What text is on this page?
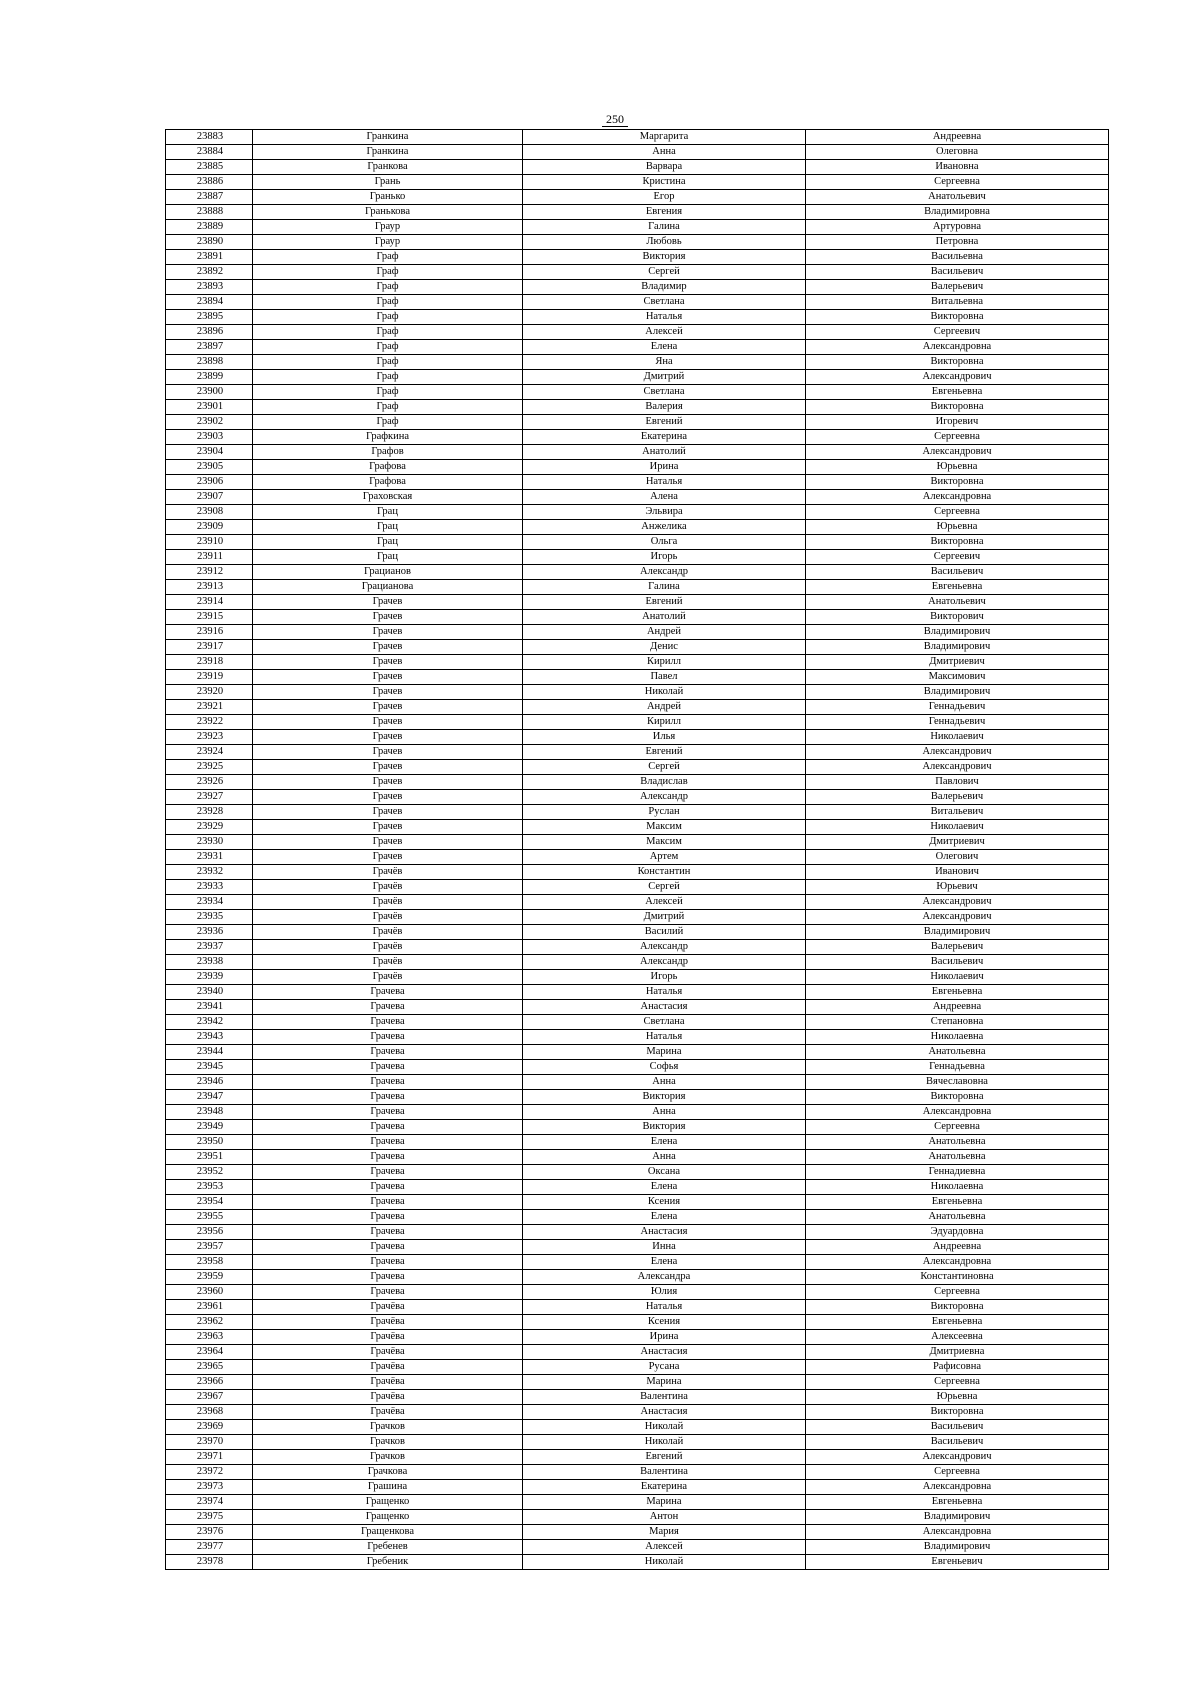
250
23883	Гранкина	Маргарита	Андреевна
23884	Гранкина	Анна	Олеговна
23885	Гранкова	Варвара	Ивановна
23886	Грань	Кристина	Сергеевна
23887	Гранько	Егор	Анатольевич
23888	Гранькова	Евгения	Владимировна
23889	Граур	Галина	Артуровна
23890	Граур	Любовь	Петровна
23891	Граф	Виктория	Васильевна
23892	Граф	Сергей	Васильевич
23893	Граф	Владимир	Валерьевич
23894	Граф	Светлана	Витальевна
23895	Граф	Наталья	Викторовна
23896	Граф	Алексей	Сергеевич
23897	Граф	Елена	Александровна
23898	Граф	Яна	Викторовна
23899	Граф	Дмитрий	Александрович
23900	Граф	Светлана	Евгеньевна
23901	Граф	Валерия	Викторовна
23902	Граф	Евгений	Игоревич
23903	Графкина	Екатерина	Сергеевна
23904	Графов	Анатолий	Александрович
23905	Графова	Ирина	Юрьевна
23906	Графова	Наталья	Викторовна
23907	Граховская	Алена	Александровна
23908	Грац	Эльвира	Сергеевна
23909	Грац	Анжелика	Юрьевна
23910	Грац	Ольга	Викторовна
23911	Грац	Игорь	Сергеевич
23912	Грацианов	Александр	Васильевич
23913	Грацианова	Галина	Евгеньевна
23914	Грачев	Евгений	Анатольевич
23915	Грачев	Анатолий	Викторович
23916	Грачев	Андрей	Владимирович
23917	Грачев	Денис	Владимирович
23918	Грачев	Кирилл	Дмитриевич
23919	Грачев	Павел	Максимович
23920	Грачев	Николай	Владимирович
23921	Грачев	Андрей	Геннадьевич
23922	Грачев	Кирилл	Геннадьевич
23923	Грачев	Илья	Николаевич
23924	Грачев	Евгений	Александрович
23925	Грачев	Сергей	Александрович
23926	Грачев	Владислав	Павлович
23927	Грачев	Александр	Валерьевич
23928	Грачев	Руслан	Витальевич
23929	Грачев	Максим	Николаевич
23930	Грачев	Максим	Дмитриевич
23931	Грачев	Артем	Олегович
23932	Грачёв	Константин	Иванович
23933	Грачёв	Сергей	Юрьевич
23934	Грачёв	Алексей	Александрович
23935	Грачёв	Дмитрий	Александрович
23936	Грачёв	Василий	Владимирович
23937	Грачёв	Александр	Валерьевич
23938	Грачёв	Александр	Васильевич
23939	Грачёв	Игорь	Николаевич
23940	Грачева	Наталья	Евгеньевна
23941	Грачева	Анастасия	Андреевна
23942	Грачева	Светлана	Степановна
23943	Грачева	Наталья	Николаевна
23944	Грачева	Марина	Анатольевна
23945	Грачева	Софья	Геннадьевна
23946	Грачева	Анна	Вячеславовна
23947	Грачева	Виктория	Викторовна
23948	Грачева	Анна	Александровна
23949	Грачева	Виктория	Сергеевна
23950	Грачева	Елена	Анатольевна
23951	Грачева	Анна	Анатольевна
23952	Грачева	Оксана	Геннадиевна
23953	Грачева	Елена	Николаевна
23954	Грачева	Ксения	Евгеньевна
23955	Грачева	Елена	Анатольевна
23956	Грачева	Анастасия	Эдуардовна
23957	Грачева	Инна	Андреевна
23958	Грачева	Елена	Александровна
23959	Грачева	Александра	Константиновна
23960	Грачева	Юлия	Сергеевна
23961	Грачёва	Наталья	Викторовна
23962	Грачёва	Ксения	Евгеньевна
23963	Грачёва	Ирина	Алексеевна
23964	Грачёва	Анастасия	Дмитриевна
23965	Грачёва	Русана	Рафисовна
23966	Грачёва	Марина	Сергеевна
23967	Грачёва	Валентина	Юрьевна
23968	Грачёва	Анастасия	Викторовна
23969	Грачков	Николай	Васильевич
23970	Грачков	Николай	Васильевич
23971	Грачков	Евгений	Александрович
23972	Грачкова	Валентина	Сергеевна
23973	Грашина	Екатерина	Александровна
23974	Гращенко	Марина	Евгеньевна
23975	Гращенко	Антон	Владимирович
23976	Гращенкова	Мария	Александровна
23977	Гребенев	Алексей	Владимирович
23978	Гребеник	Николай	Евгеньевич
